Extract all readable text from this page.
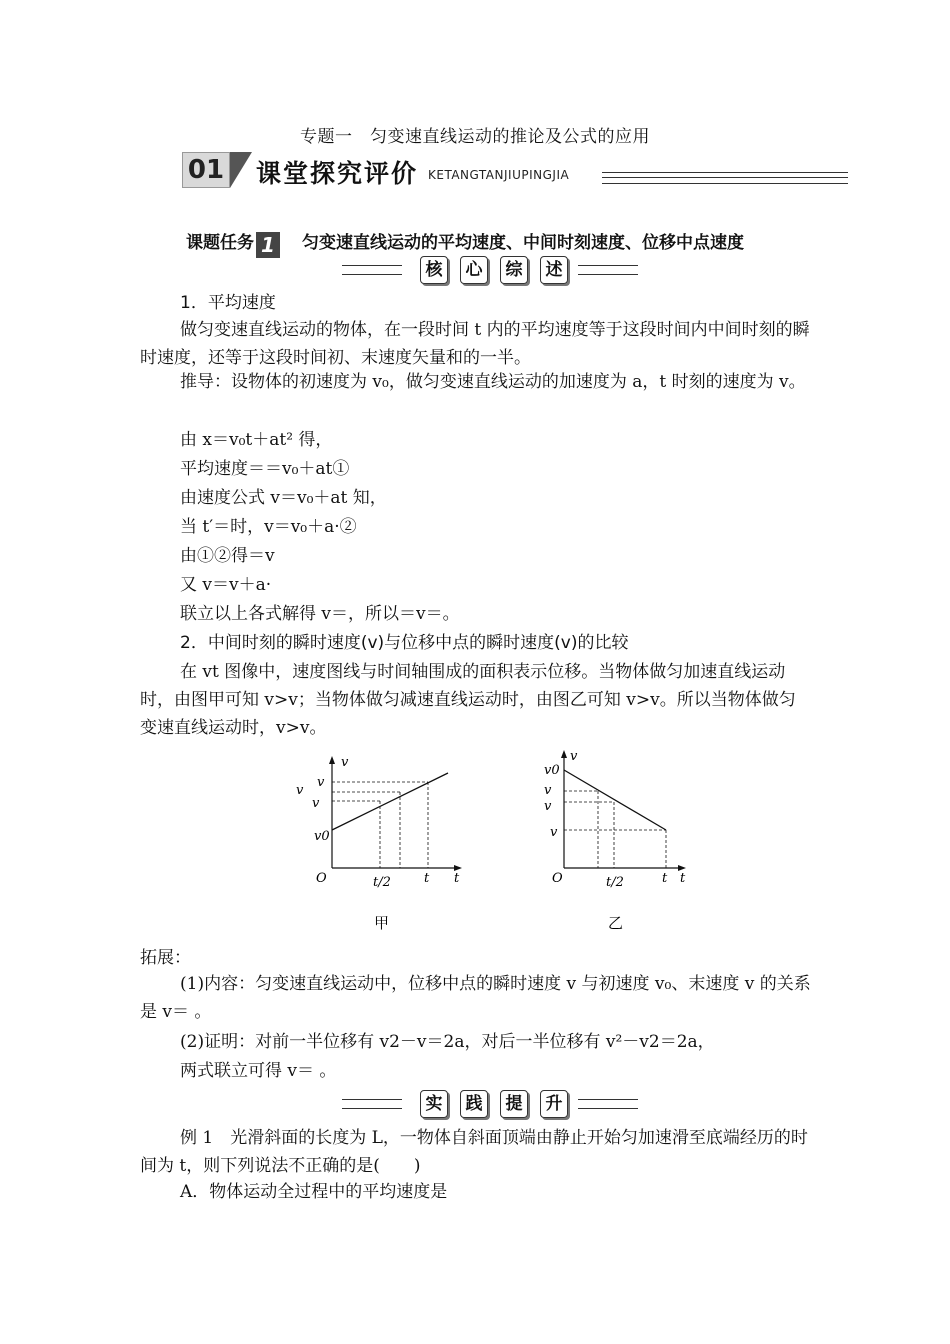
专题一　匀变速直线运动的推论及公式的应用
01 课堂探究评价 KETANGTANJIUPINGJIA
课题任务 1 匀变速直线运动的平均速度、中间时刻速度、位移中点速度
核	心	综	述
1．平均速度
做匀变速直线运动的物体，在一段时间 t 内的平均速度等于这段时间内中间时刻的瞬时速度，还等于这段时间初、末速度矢量和的一半。
推导：设物体的初速度为 v₀，做匀变速直线运动的加速度为 a，t 时刻的速度为 v。
由 x＝v₀t＋at² 得，
平均速度＝＝v₀＋at①
由速度公式 v＝v₀＋at 知，
当 t′＝时，v＝v₀＋a·②
由①②得＝v
又 v＝v＋a·
联立以上各式解得 v＝，所以＝v＝。
2．中间时刻的瞬时速度(v)与位移中点的瞬时速度(v)的比较
在 vt 图像中，速度图线与时间轴围成的面积表示位移。当物体做匀加速直线运动时，由图甲可知 v>v；当物体做匀减速直线运动时，由图乙可知 v>v。所以当物体做匀变速直线运动时，v>v。
v
t
O
v
v
v
v0
t/2	t
甲
v
t
O
v0
v
v
v
t/2	t
乙
拓展：
(1)内容：匀变速直线运动中，位移中点的瞬时速度 v 与初速度 v₀、末速度 v 的关系是 v＝ 。
(2)证明：对前一半位移有 v2－v＝2a，对后一半位移有 v²－v2＝2a，
两式联立可得 v＝ 。
实	践	提	升
例 1　光滑斜面的长度为 L，一物体自斜面顶端由静止开始匀加速滑至底端经历的时间为 t，则下列说法不正确的是(　　)
A．物体运动全过程中的平均速度是
